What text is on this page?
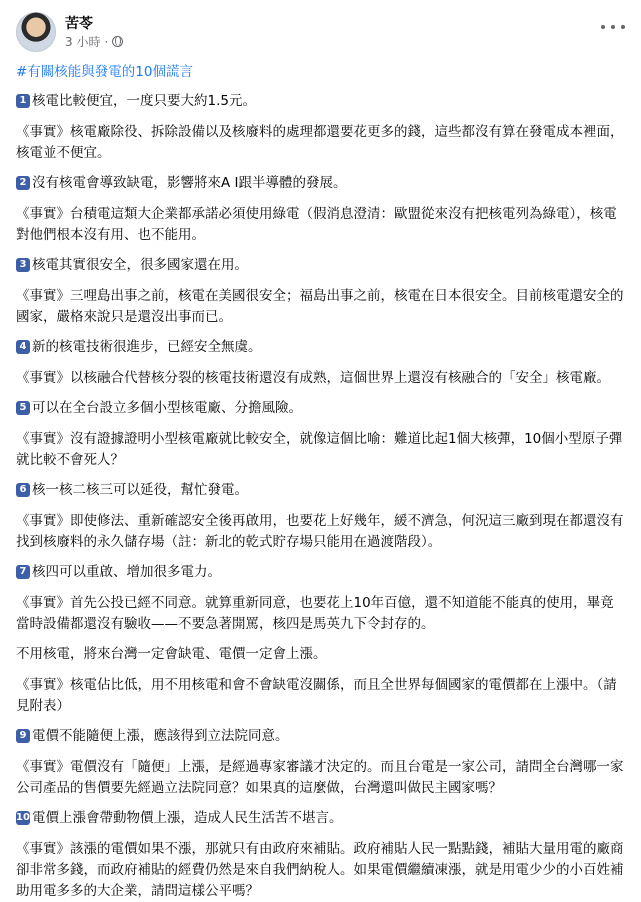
苦苓
3 小時 ·
#有關核能與發電的10個謊言
1 核電比較便宜，一度只要大約1.5元。
《事實》核電廠除役、拆除設備以及核廢料的處理都還要花更多的錢，這些都沒有算在發電成本裡面，核電並不便宜。
2 沒有核電會導致缺電，影響將來A I跟半導體的發展。
《事實》台積電這類大企業都承諾必須使用綠電（假消息澄清：歐盟從來沒有把核電列為綠電），核電對他們根本沒有用、也不能用。
3 核電其實很安全，很多國家還在用。
《事實》三哩島出事之前，核電在美國很安全；福島出事之前，核電在日本很安全。目前核電還安全的國家，嚴格來說只是還沒出事而已。
4 新的核電技術很進步，已經安全無虞。
《事實》以核融合代替核分裂的核電技術還沒有成熟，這個世界上還沒有核融合的「安全」核電廠。
5 可以在全台設立多個小型核電廠、分擔風險。
《事實》沒有證據證明小型核電廠就比較安全，就像這個比喻：難道比起1個大核彈，10個小型原子彈就比較不會死人？
6 核一核二核三可以延役，幫忙發電。
《事實》即使修法、重新確認安全後再啟用，也要花上好幾年，緩不濟急，何況這三廠到現在都還沒有找到核廢料的永久儲存場（註：新北的乾式貯存場只能用在過渡階段）。
7 核四可以重啟、增加很多電力。
《事實》首先公投已經不同意。就算重新同意，也要花上10年百億，還不知道能不能真的使用，畢竟當時設備都還沒有驗收——不要急著開罵，核四是馬英九下令封存的。
不用核電，將來台灣一定會缺電、電價一定會上漲。
《事實》核電佔比低，用不用核電和會不會缺電沒關係，而且全世界每個國家的電價都在上漲中。（請見附表）
9 電價不能隨便上漲，應該得到立法院同意。
《事實》電價沒有「隨便」上漲，是經過專家審議才決定的。而且台電是一家公司，請問全台灣哪一家公司產品的售價要先經過立法院同意？如果真的這麼做，台灣還叫做民主國家嗎？
10 電價上漲會帶動物價上漲，造成人民生活苦不堪言。
《事實》該漲的電價如果不漲，那就只有由政府來補貼。政府補貼人民一點點錢，補貼大量用電的廠商卻非常多錢，而政府補貼的經費仍然是來自我們納稅人。如果電價繼續凍漲，就是用電少少的小百姓補助用電多多的大企業，請問這樣公平嗎？
